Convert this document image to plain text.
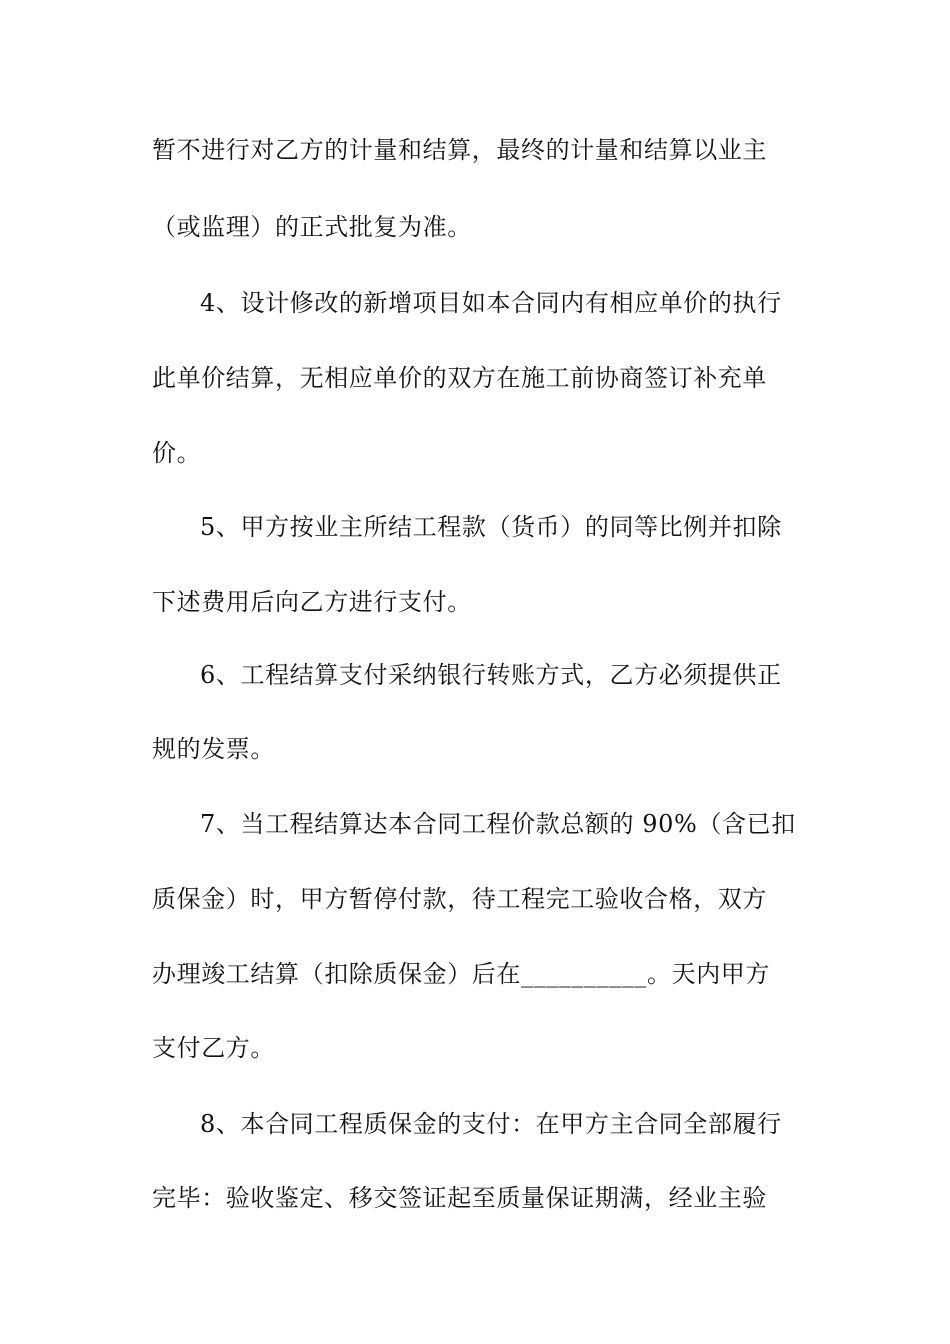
暂不进行对乙方的计量和结算，最终的计量和结算以业主
（或监理）的正式批复为准。
4、设计修改的新增项目如本合同内有相应单价的执行
此单价结算，无相应单价的双方在施工前协商签订补充单
价。
5、甲方按业主所结工程款（货币）的同等比例并扣除
下述费用后向乙方进行支付。
6、工程结算支付采纳银行转账方式，乙方必须提供正
规的发票。
7、当工程结算达本合同工程价款总额的 90%（含已扣
质保金）时，甲方暂停付款，待工程完工验收合格，双方
办理竣工结算（扣除质保金）后在__________。天内甲方
支付乙方。
8、本合同工程质保金的支付：在甲方主合同全部履行
完毕：验收鉴定、移交签证起至质量保证期满，经业主验
